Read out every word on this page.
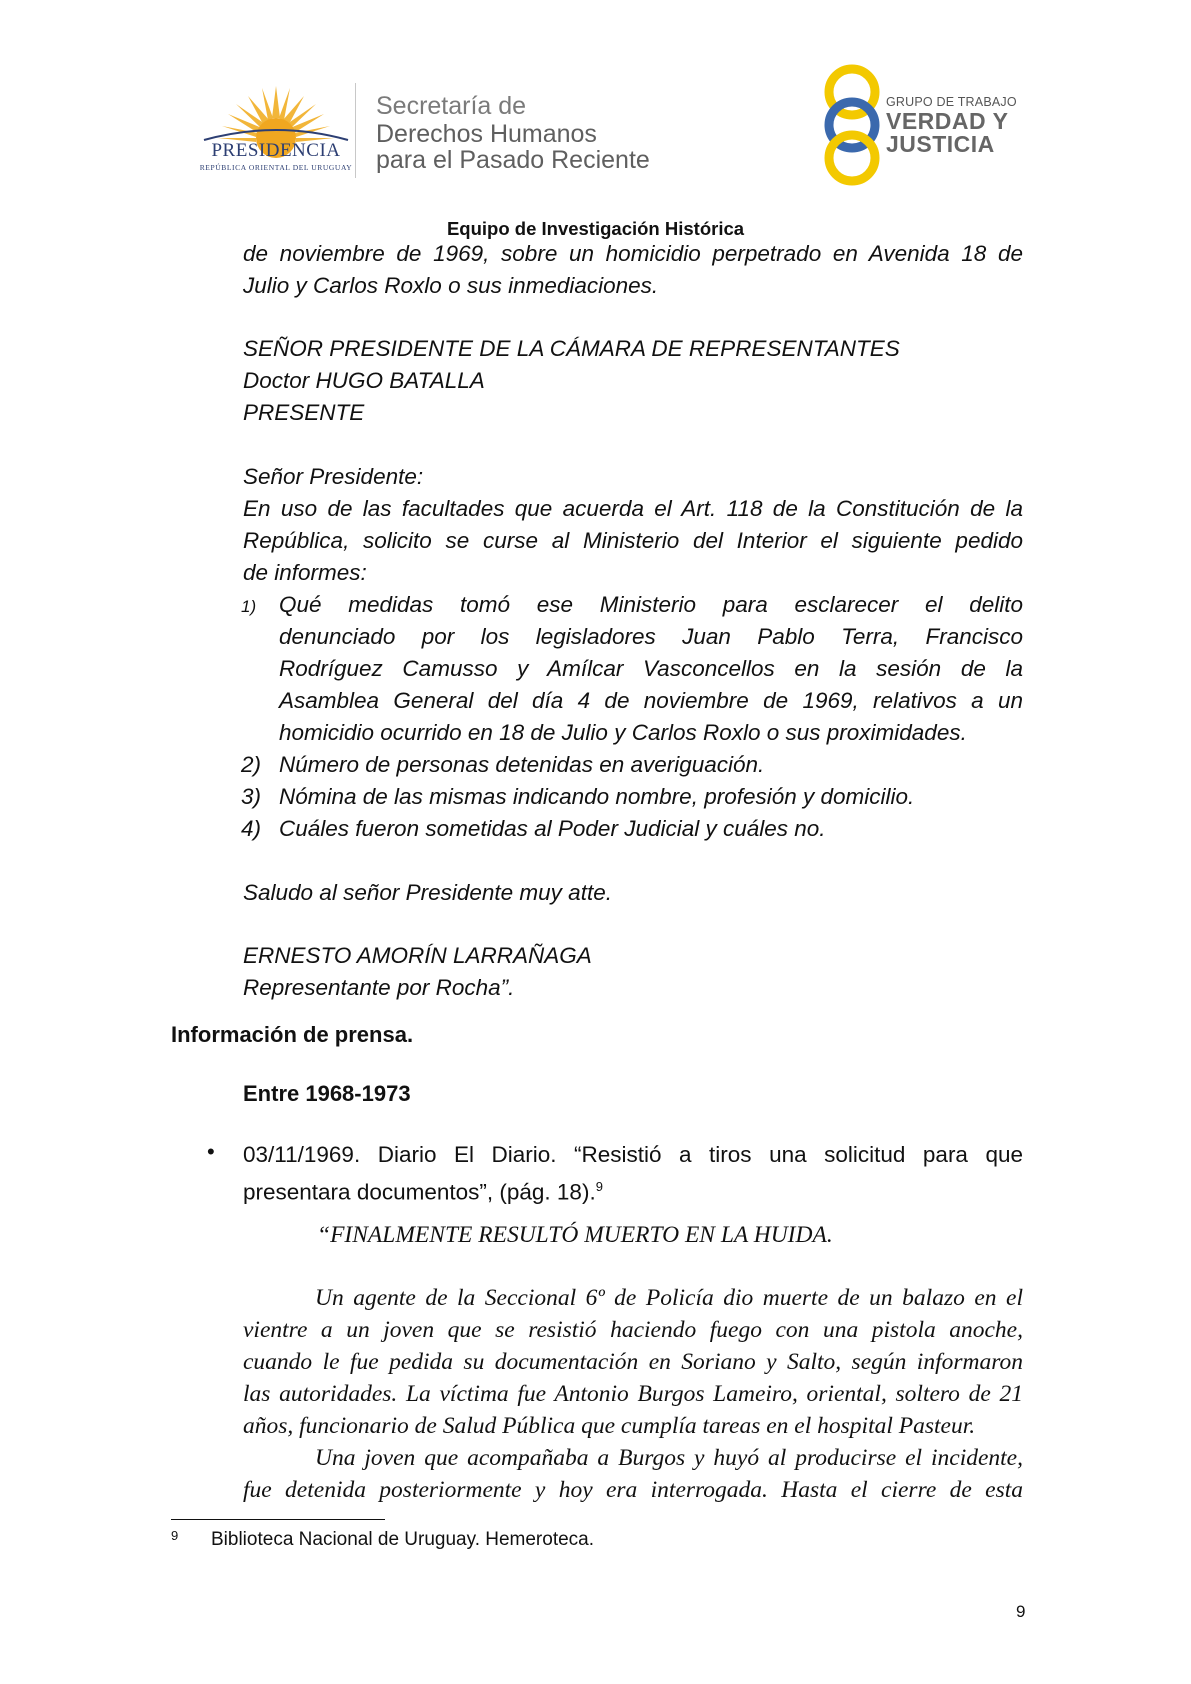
PRESIDENCIA
REPÚBLICA ORIENTAL DEL URUGUAY
Secretaría de
Derechos Humanos
para el Pasado Reciente
GRUPO DE TRABAJO
VERDAD Y
JUSTICIA
Equipo de Investigación Histórica
de noviembre de 1969, sobre un homicidio perpetrado en Avenida 18 de
Julio y Carlos Roxlo o sus inmediaciones.
SEÑOR PRESIDENTE DE LA CÁMARA DE REPRESENTANTES
Doctor HUGO BATALLA
PRESENTE
Señor Presidente:
En uso de las facultades que acuerda el Art. 118 de la Constitución de la
República, solicito se curse al Ministerio del Interior el siguiente pedido
de informes:
1) Qué medidas tomó ese Ministerio para esclarecer el delito
denunciado por los legisladores Juan Pablo Terra, Francisco
Rodríguez Camusso y Amílcar Vasconcellos en la sesión de la
Asamblea General del día 4 de noviembre de 1969, relativos a un
homicidio ocurrido en 18 de Julio y Carlos Roxlo o sus proximidades.
2) Número de personas detenidas en averiguación.
3) Nómina de las mismas indicando nombre, profesión y domicilio.
4) Cuáles fueron sometidas al Poder Judicial y cuáles no.
Saludo al señor Presidente muy atte.
ERNESTO AMORÍN LARRAÑAGA
Representante por Rocha”.
Información de prensa.
Entre 1968-1973
• 03/11/1969. Diario El Diario. “Resistió a tiros una solicitud para que
presentara documentos”, (pág. 18).$^9$
“FINALMENTE RESULTÓ MUERTO EN LA HUIDA.
Un agente de la Seccional 6º de Policía dio muerte de un balazo en el
vientre a un joven que se resistió haciendo fuego con una pistola anoche,
cuando le fue pedida su documentación en Soriano y Salto, según informaron
las autoridades. La víctima fue Antonio Burgos Lameiro, oriental, soltero de 21
años, funcionario de Salud Pública que cumplía tareas en el hospital Pasteur.
Una joven que acompañaba a Burgos y huyó al producirse el incidente,
fue detenida posteriormente y hoy era interrogada. Hasta el cierre de esta
9 Biblioteca Nacional de Uruguay. Hemeroteca.
9
